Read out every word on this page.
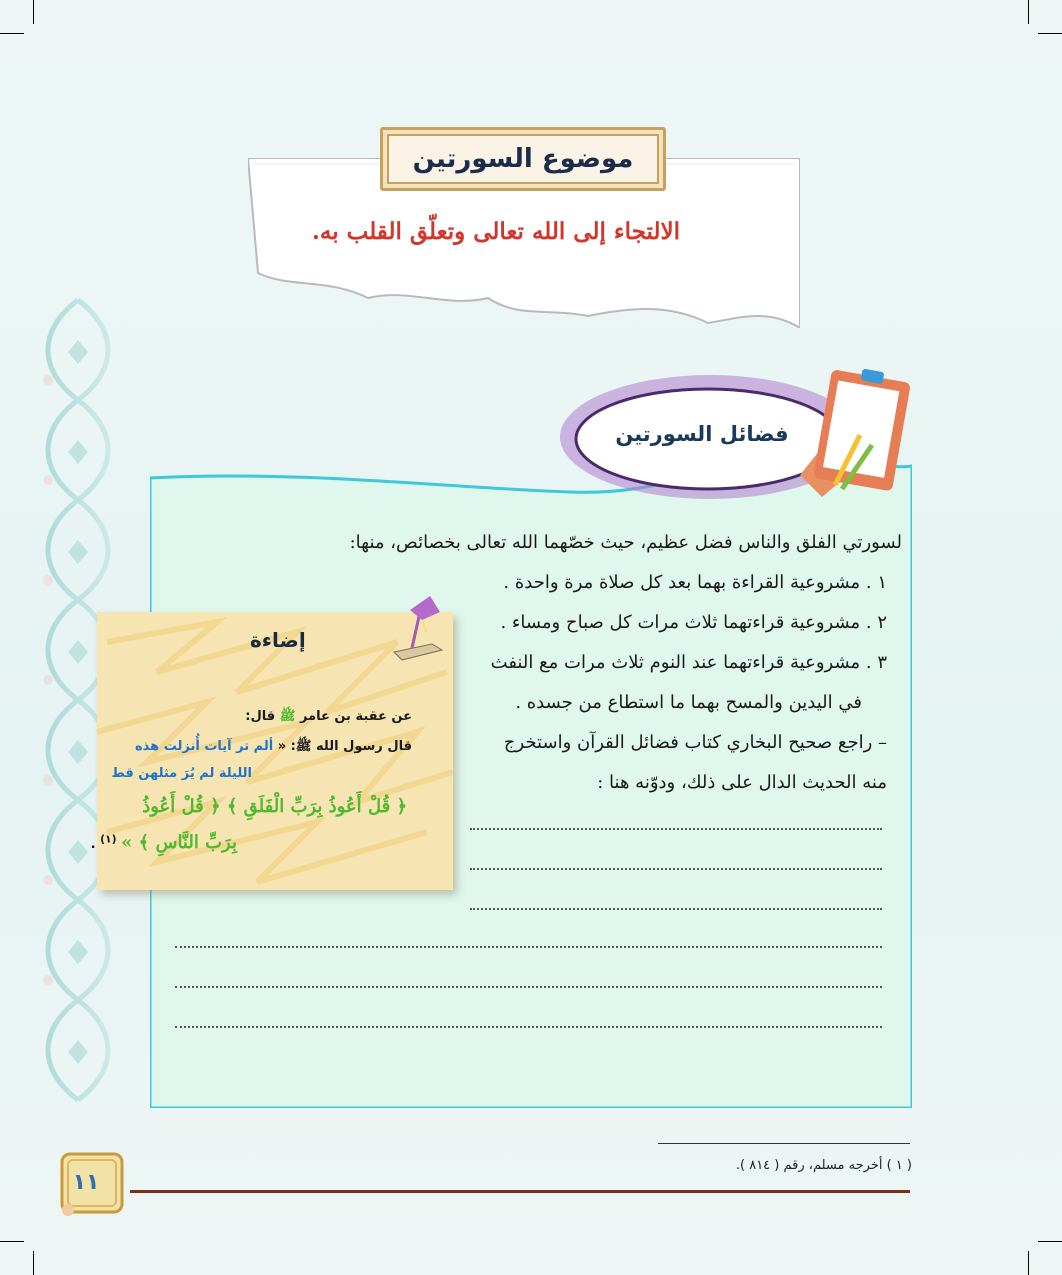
موضوع السورتين
الالتجاء إلى الله تعالى وتعلّق القلب به.
فضائل السورتين
لسورتي الفلق والناس فضل عظيم، حيث خصّهما الله تعالى بخصائص، منها:
١ . مشروعية القراءة بهما بعد كل صلاة مرة واحدة .
٢ . مشروعية قراءتهما ثلاث مرات كل صباح ومساء .
٣ . مشروعية قراءتهما عند النوم ثلاث مرات مع النفث
في اليدين والمسح بهما ما استطاع من جسده .
– راجع صحيح البخاري كتاب فضائل القرآن واستخرج
منه الحديث الدال على ذلك، ودوّنه هنا :
إضاءة
عن عقبة بن عامر ﷺ قال:
قال رسول الله ﷺ: « ألم تر آيات أُنزلت هذه
الليلة لم يُرَ مثلهن قط
﴿ قُلْ أَعُوذُ بِرَبِّ الْفَلَقِ ﴾ ﴿ قُلْ أَعُوذُ
بِرَبِّ النَّاسِ ﴾ » $^{(١)}$ .
( ١ ) أخرجه مسلم، رقم ( ٨١٤ ).
١١
